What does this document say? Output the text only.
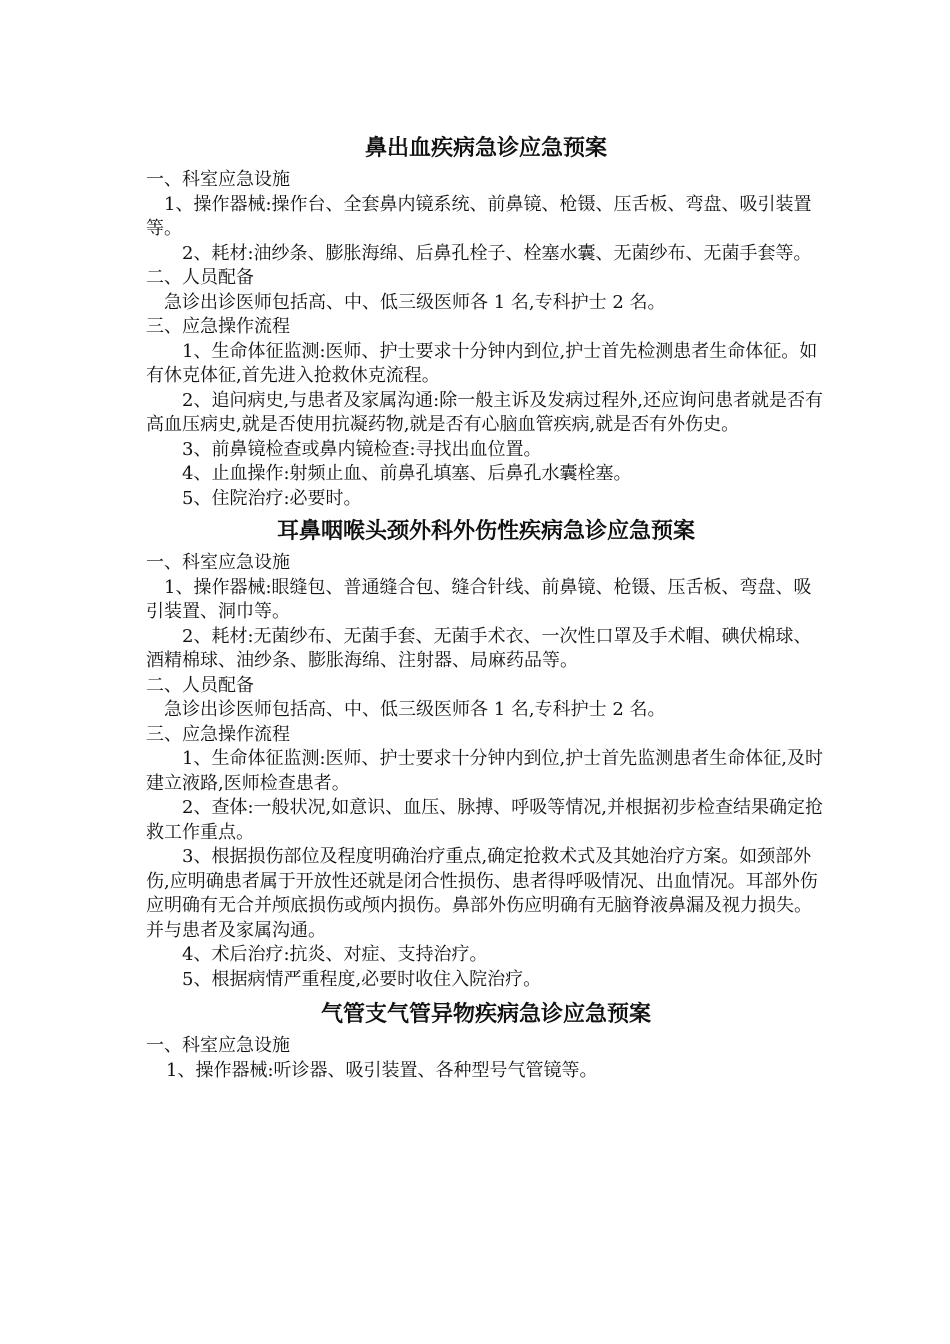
鼻出血疾病急诊应急预案

一、科室应急设施

1、操作器械:操作台、全套鼻内镜系统、前鼻镜、枪镊、压舌板、弯盘、吸引装置等。

2、耗材:油纱条、膨胀海绵、后鼻孔栓子、栓塞水囊、无菌纱布、无菌手套等。

二、人员配备

急诊出诊医师包括高、中、低三级医师各 1 名,专科护士 2 名。

三、应急操作流程

1、生命体征监测:医师、护士要求十分钟内到位,护士首先检测患者生命体征。如有休克体征,首先进入抢救休克流程。

2、追问病史,与患者及家属沟通:除一般主诉及发病过程外,还应询问患者就是否有高血压病史,就是否使用抗凝药物,就是否有心脑血管疾病,就是否有外伤史。

3、前鼻镜检查或鼻内镜检查:寻找出血位置。

4、止血操作:射频止血、前鼻孔填塞、后鼻孔水囊栓塞。

5、住院治疗:必要时。

耳鼻咽喉头颈外科外伤性疾病急诊应急预案

一、科室应急设施

1、操作器械:眼缝包、普通缝合包、缝合针线、前鼻镜、枪镊、压舌板、弯盘、吸引装置、洞巾等。

2、耗材:无菌纱布、无菌手套、无菌手术衣、一次性口罩及手术帽、碘伏棉球、酒精棉球、油纱条、膨胀海绵、注射器、局麻药品等。

二、人员配备

急诊出诊医师包括高、中、低三级医师各 1 名,专科护士 2 名。

三、应急操作流程

1、生命体征监测:医师、护士要求十分钟内到位,护士首先监测患者生命体征,及时建立液路,医师检查患者。

2、查体:一般状况,如意识、血压、脉搏、呼吸等情况,并根据初步检查结果确定抢救工作重点。

3、根据损伤部位及程度明确治疗重点,确定抢救术式及其她治疗方案。如颈部外伤,应明确患者属于开放性还就是闭合性损伤、患者得呼吸情况、出血情况。耳部外伤应明确有无合并颅底损伤或颅内损伤。鼻部外伤应明确有无脑脊液鼻漏及视力损失。并与患者及家属沟通。

4、术后治疗:抗炎、对症、支持治疗。

5、根据病情严重程度,必要时收住入院治疗。

气管支气管异物疾病急诊应急预案

一、科室应急设施

1、操作器械:听诊器、吸引装置、各种型号气管镜等。
